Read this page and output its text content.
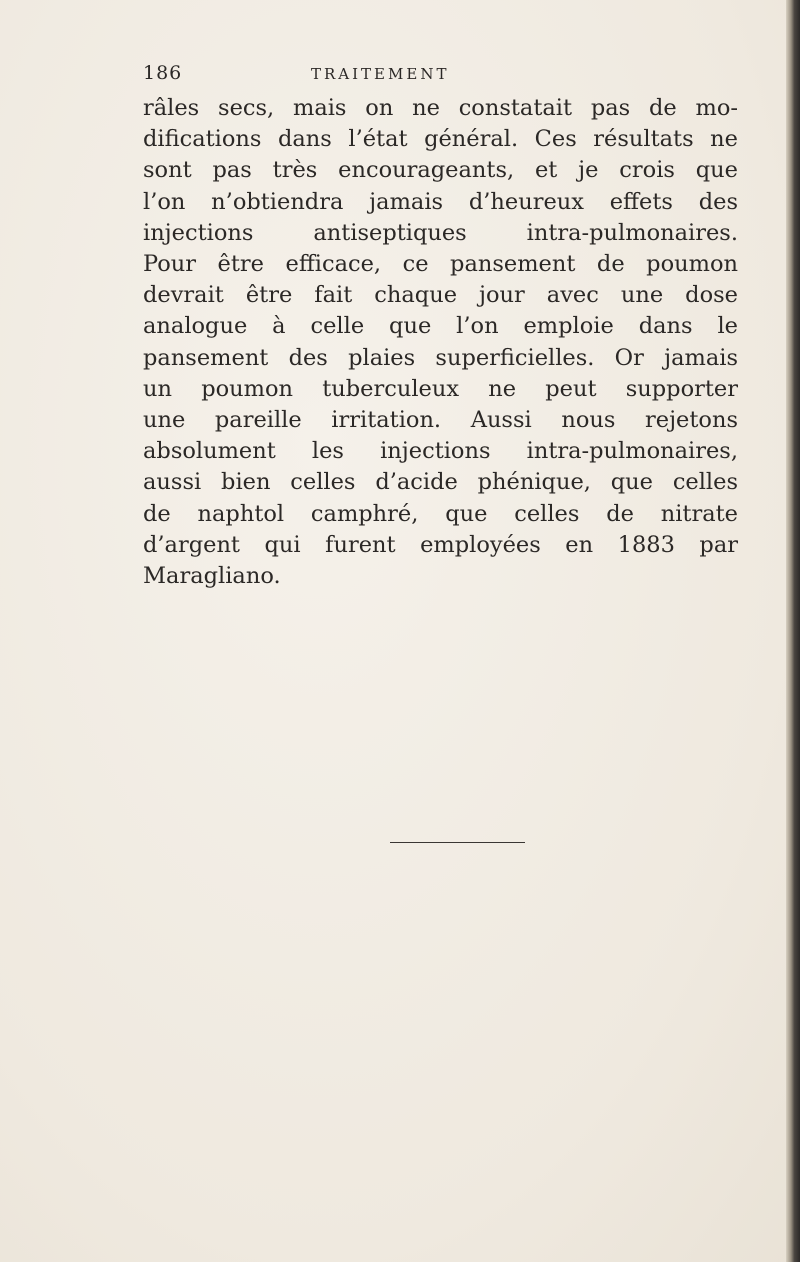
186	TRAITEMENT

râles secs, mais on ne constatait pas de mo-
difications dans l’état général. Ces résultats ne
sont pas très encourageants, et je crois que
l’on n’obtiendra jamais d’heureux effets des
injections antiseptiques intra-pulmonaires.
Pour être efficace, ce pansement de poumon
devrait être fait chaque jour avec une dose
analogue à celle que l’on emploie dans le
pansement des plaies superficielles. Or jamais
un poumon tuberculeux ne peut supporter
une pareille irritation. Aussi nous rejetons
absolument les injections intra-pulmonaires,
aussi bien celles d’acide phénique, que celles
de naphtol camphré, que celles de nitrate
d’argent qui furent employées en 1883 par
Maragliano.
